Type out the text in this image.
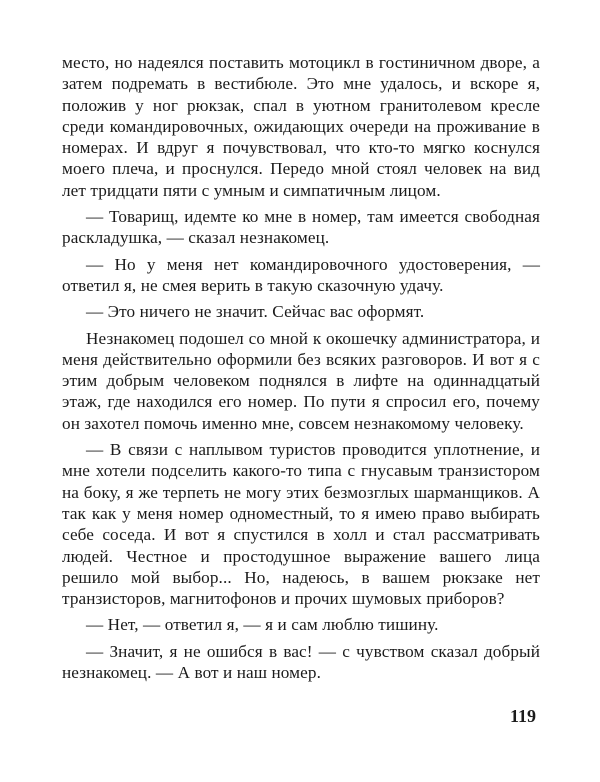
место, но надеялся поставить мотоцикл в гостиничном дворе, а затем подремать в вестибюле. Это мне удалось, и вскоре я, положив у ног рюкзак, спал в уютном гранитолевом кресле среди командировочных, ожидающих очереди на проживание в номерах. И вдруг я почувствовал, что кто-то мягко коснулся моего плеча, и проснулся. Передо мной стоял человек на вид лет тридцати пяти с умным и симпатичным лицом.

— Товарищ, идемте ко мне в номер, там имеется свободная раскладушка, — сказал незнакомец.

— Но у меня нет командировочного удостоверения, — ответил я, не смея верить в такую сказочную удачу.

— Это ничего не значит. Сейчас вас оформят.

Незнакомец подошел со мной к окошечку администратора, и меня действительно оформили без всяких разговоров. И вот я с этим добрым человеком поднялся в лифте на одиннадцатый этаж, где находился его номер. По пути я спросил его, почему он захотел помочь именно мне, совсем незнакомому человеку.

— В связи с наплывом туристов проводится уплотнение, и мне хотели подселить какого-то типа с гнусавым транзистором на боку, я же терпеть не могу этих безмозглых шарманщиков. А так как у меня номер одноместный, то я имею право выбирать себе соседа. И вот я спустился в холл и стал рассматривать людей. Честное и простодушное выражение вашего лица решило мой выбор... Но, надеюсь, в вашем рюкзаке нет транзисторов, магнитофонов и прочих шумовых приборов?

— Нет, — ответил я, — я и сам люблю тишину.

— Значит, я не ошибся в вас! — с чувством сказал добрый незнакомец. — А вот и наш номер.

119
